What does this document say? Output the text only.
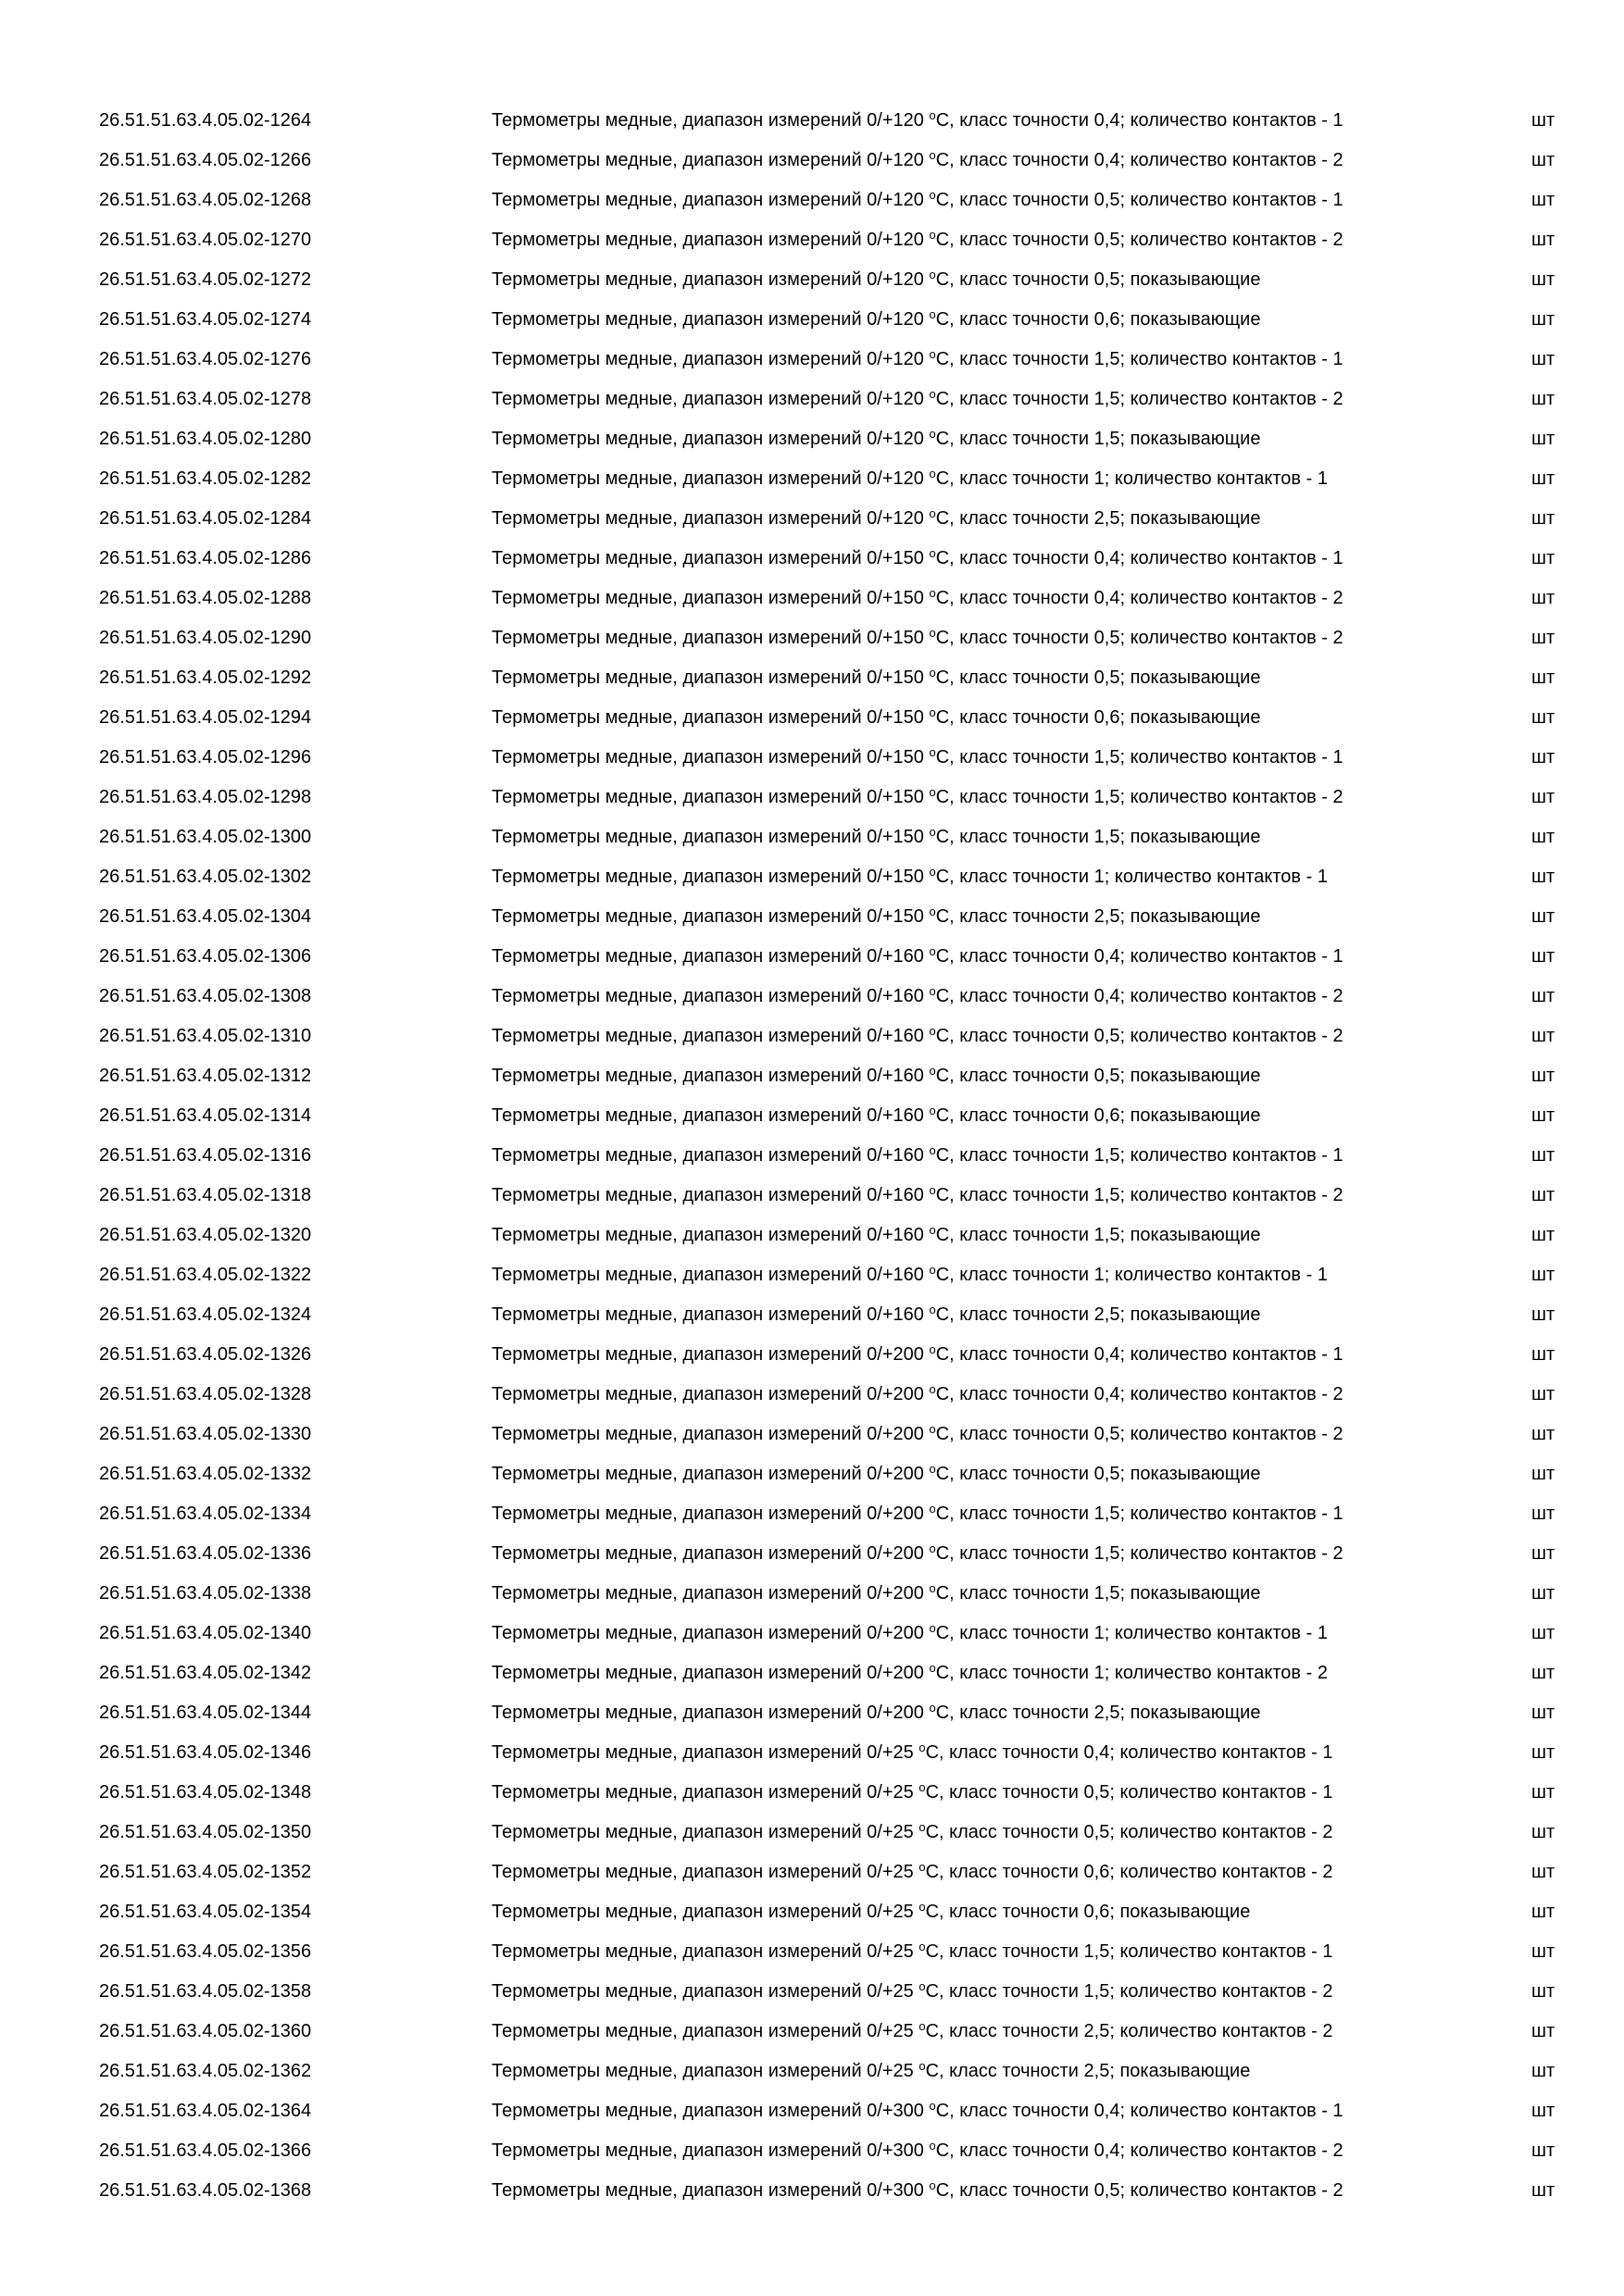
26.51.51.63.4.05.02-1264	Термометры медные, диапазон измерений 0/+120 $^o$C, класс точности 0,4; количество контактов - 1	шт
26.51.51.63.4.05.02-1266	Термометры медные, диапазон измерений 0/+120 $^o$C, класс точности 0,4; количество контактов - 2	шт
26.51.51.63.4.05.02-1268	Термометры медные, диапазон измерений 0/+120 $^o$C, класс точности 0,5; количество контактов - 1	шт
26.51.51.63.4.05.02-1270	Термометры медные, диапазон измерений 0/+120 $^o$C, класс точности 0,5; количество контактов - 2	шт
26.51.51.63.4.05.02-1272	Термометры медные, диапазон измерений 0/+120 $^o$C, класс точности 0,5; показывающие	шт
26.51.51.63.4.05.02-1274	Термометры медные, диапазон измерений 0/+120 $^o$C, класс точности 0,6; показывающие	шт
26.51.51.63.4.05.02-1276	Термометры медные, диапазон измерений 0/+120 $^o$C, класс точности 1,5; количество контактов - 1	шт
26.51.51.63.4.05.02-1278	Термометры медные, диапазон измерений 0/+120 $^o$C, класс точности 1,5; количество контактов - 2	шт
26.51.51.63.4.05.02-1280	Термометры медные, диапазон измерений 0/+120 $^o$C, класс точности 1,5; показывающие	шт
26.51.51.63.4.05.02-1282	Термометры медные, диапазон измерений 0/+120 $^o$C, класс точности 1; количество контактов - 1	шт
26.51.51.63.4.05.02-1284	Термометры медные, диапазон измерений 0/+120 $^o$C, класс точности 2,5; показывающие	шт
26.51.51.63.4.05.02-1286	Термометры медные, диапазон измерений 0/+150 $^o$C, класс точности 0,4; количество контактов - 1	шт
26.51.51.63.4.05.02-1288	Термометры медные, диапазон измерений 0/+150 $^o$C, класс точности 0,4; количество контактов - 2	шт
26.51.51.63.4.05.02-1290	Термометры медные, диапазон измерений 0/+150 $^o$C, класс точности 0,5; количество контактов - 2	шт
26.51.51.63.4.05.02-1292	Термометры медные, диапазон измерений 0/+150 $^o$C, класс точности 0,5; показывающие	шт
26.51.51.63.4.05.02-1294	Термометры медные, диапазон измерений 0/+150 $^o$C, класс точности 0,6; показывающие	шт
26.51.51.63.4.05.02-1296	Термометры медные, диапазон измерений 0/+150 $^o$C, класс точности 1,5; количество контактов - 1	шт
26.51.51.63.4.05.02-1298	Термометры медные, диапазон измерений 0/+150 $^o$C, класс точности 1,5; количество контактов - 2	шт
26.51.51.63.4.05.02-1300	Термометры медные, диапазон измерений 0/+150 $^o$C, класс точности 1,5; показывающие	шт
26.51.51.63.4.05.02-1302	Термометры медные, диапазон измерений 0/+150 $^o$C, класс точности 1; количество контактов - 1	шт
26.51.51.63.4.05.02-1304	Термометры медные, диапазон измерений 0/+150 $^o$C, класс точности 2,5; показывающие	шт
26.51.51.63.4.05.02-1306	Термометры медные, диапазон измерений 0/+160 $^o$C, класс точности 0,4; количество контактов - 1	шт
26.51.51.63.4.05.02-1308	Термометры медные, диапазон измерений 0/+160 $^o$C, класс точности 0,4; количество контактов - 2	шт
26.51.51.63.4.05.02-1310	Термометры медные, диапазон измерений 0/+160 $^o$C, класс точности 0,5; количество контактов - 2	шт
26.51.51.63.4.05.02-1312	Термометры медные, диапазон измерений 0/+160 $^o$C, класс точности 0,5; показывающие	шт
26.51.51.63.4.05.02-1314	Термометры медные, диапазон измерений 0/+160 $^o$C, класс точности 0,6; показывающие	шт
26.51.51.63.4.05.02-1316	Термометры медные, диапазон измерений 0/+160 $^o$C, класс точности 1,5; количество контактов - 1	шт
26.51.51.63.4.05.02-1318	Термометры медные, диапазон измерений 0/+160 $^o$C, класс точности 1,5; количество контактов - 2	шт
26.51.51.63.4.05.02-1320	Термометры медные, диапазон измерений 0/+160 $^o$C, класс точности 1,5; показывающие	шт
26.51.51.63.4.05.02-1322	Термометры медные, диапазон измерений 0/+160 $^o$C, класс точности 1; количество контактов - 1	шт
26.51.51.63.4.05.02-1324	Термометры медные, диапазон измерений 0/+160 $^o$C, класс точности 2,5; показывающие	шт
26.51.51.63.4.05.02-1326	Термометры медные, диапазон измерений 0/+200 $^o$C, класс точности 0,4; количество контактов - 1	шт
26.51.51.63.4.05.02-1328	Термометры медные, диапазон измерений 0/+200 $^o$C, класс точности 0,4; количество контактов - 2	шт
26.51.51.63.4.05.02-1330	Термометры медные, диапазон измерений 0/+200 $^o$C, класс точности 0,5; количество контактов - 2	шт
26.51.51.63.4.05.02-1332	Термометры медные, диапазон измерений 0/+200 $^o$C, класс точности 0,5; показывающие	шт
26.51.51.63.4.05.02-1334	Термометры медные, диапазон измерений 0/+200 $^o$C, класс точности 1,5; количество контактов - 1	шт
26.51.51.63.4.05.02-1336	Термометры медные, диапазон измерений 0/+200 $^o$C, класс точности 1,5; количество контактов - 2	шт
26.51.51.63.4.05.02-1338	Термометры медные, диапазон измерений 0/+200 $^o$C, класс точности 1,5; показывающие	шт
26.51.51.63.4.05.02-1340	Термометры медные, диапазон измерений 0/+200 $^o$C, класс точности 1; количество контактов - 1	шт
26.51.51.63.4.05.02-1342	Термометры медные, диапазон измерений 0/+200 $^o$C, класс точности 1; количество контактов - 2	шт
26.51.51.63.4.05.02-1344	Термометры медные, диапазон измерений 0/+200 $^o$C, класс точности 2,5; показывающие	шт
26.51.51.63.4.05.02-1346	Термометры медные, диапазон измерений 0/+25 $^o$C, класс точности 0,4; количество контактов - 1	шт
26.51.51.63.4.05.02-1348	Термометры медные, диапазон измерений 0/+25 $^o$C, класс точности 0,5; количество контактов - 1	шт
26.51.51.63.4.05.02-1350	Термометры медные, диапазон измерений 0/+25 $^o$C, класс точности 0,5; количество контактов - 2	шт
26.51.51.63.4.05.02-1352	Термометры медные, диапазон измерений 0/+25 $^o$C, класс точности 0,6; количество контактов - 2	шт
26.51.51.63.4.05.02-1354	Термометры медные, диапазон измерений 0/+25 $^o$C, класс точности 0,6; показывающие	шт
26.51.51.63.4.05.02-1356	Термометры медные, диапазон измерений 0/+25 $^o$C, класс точности 1,5; количество контактов - 1	шт
26.51.51.63.4.05.02-1358	Термометры медные, диапазон измерений 0/+25 $^o$C, класс точности 1,5; количество контактов - 2	шт
26.51.51.63.4.05.02-1360	Термометры медные, диапазон измерений 0/+25 $^o$C, класс точности 2,5; количество контактов - 2	шт
26.51.51.63.4.05.02-1362	Термометры медные, диапазон измерений 0/+25 $^o$C, класс точности 2,5; показывающие	шт
26.51.51.63.4.05.02-1364	Термометры медные, диапазон измерений 0/+300 $^o$C, класс точности 0,4; количество контактов - 1	шт
26.51.51.63.4.05.02-1366	Термометры медные, диапазон измерений 0/+300 $^o$C, класс точности 0,4; количество контактов - 2	шт
26.51.51.63.4.05.02-1368	Термометры медные, диапазон измерений 0/+300 $^o$C, класс точности 0,5; количество контактов - 2	шт
